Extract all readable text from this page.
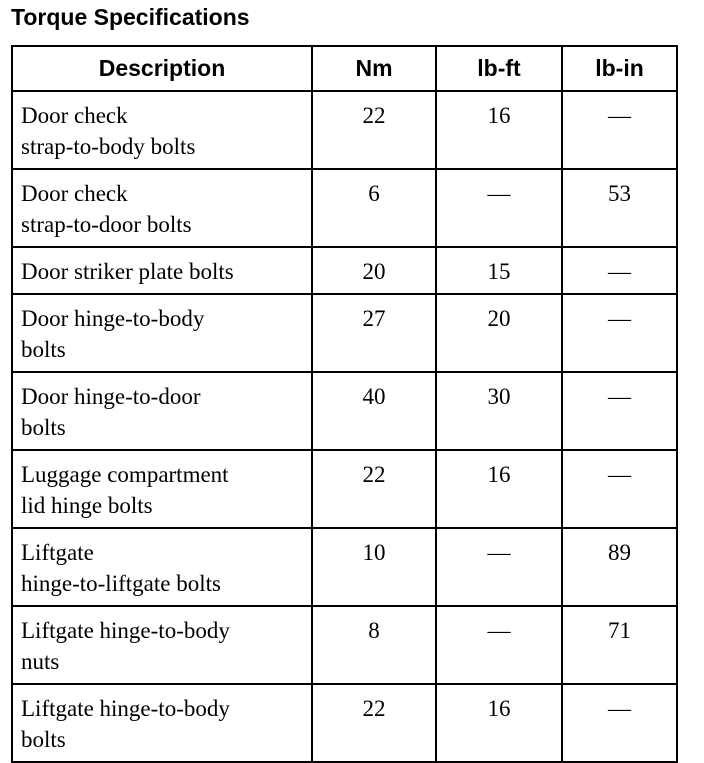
Torque Specifications
Description	Nm	lb-ft	lb-in

Door check
strap-to-body bolts	22	16	—

Door check
strap-to-door bolts	6	—	53

Door striker plate bolts	20	15	—

Door hinge-to-body
bolts	27	20	—

Door hinge-to-door
bolts	40	30	—

Luggage compartment
lid hinge bolts	22	16	—

Liftgate
hinge-to-liftgate bolts	10	—	89

Liftgate hinge-to-body
nuts	8	—	71

Liftgate hinge-to-body
bolts	22	16	—
